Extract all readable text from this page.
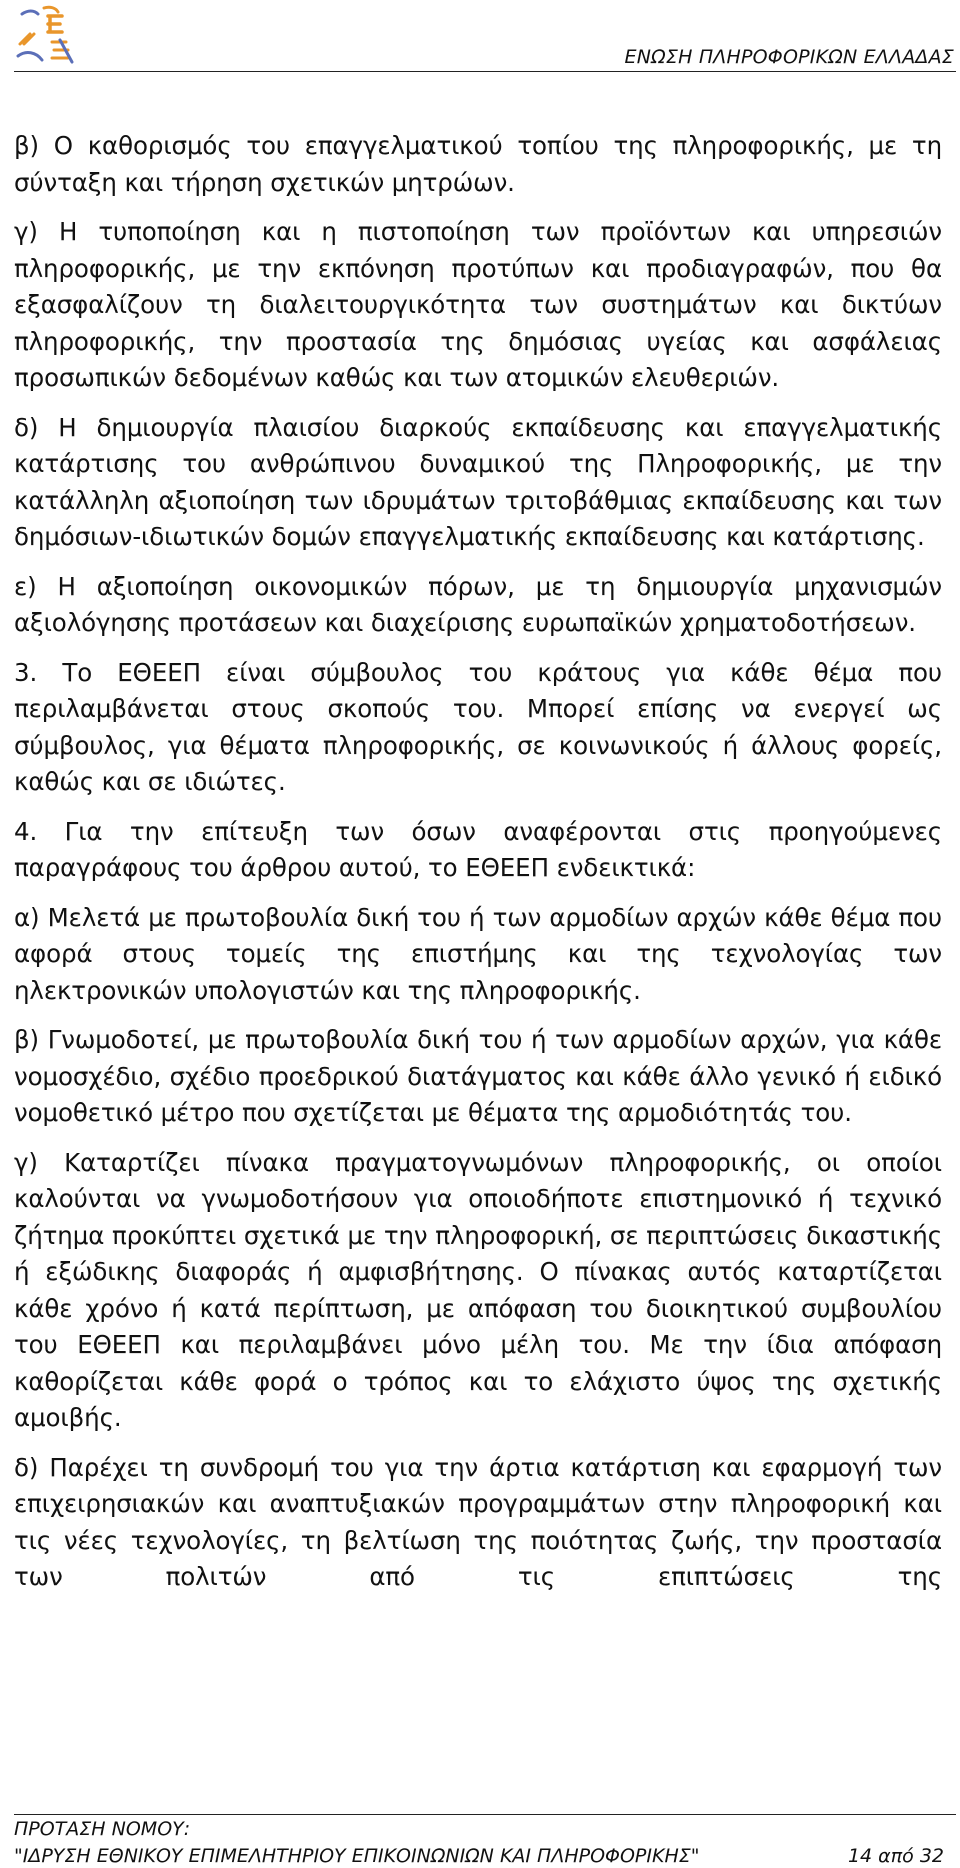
ΕΝΩΣΗ ΠΛΗΡΟΦΟΡΙΚΩΝ ΕΛΛΑΔΑΣ

β) Ο καθορισμός του επαγγελματικού τοπίου της πληροφορικής, με τη σύνταξη και τήρηση σχετικών μητρώων.

γ) Η τυποποίηση και η πιστοποίηση των προϊόντων και υπηρεσιών πληροφορικής, με την εκπόνηση προτύπων και προδιαγραφών, που θα εξασφαλίζουν τη διαλειτουργικότητα των συστημάτων και δικτύων πληροφορικής, την προστασία της δημόσιας υγείας και ασφάλειας προσωπικών δεδομένων καθώς και των ατομικών ελευθεριών.

δ) Η δημιουργία πλαισίου διαρκούς εκπαίδευσης και επαγγελματικής κατάρτισης του ανθρώπινου δυναμικού της Πληροφορικής, με την κατάλληλη αξιοποίηση των ιδρυμάτων τριτοβάθμιας εκπαίδευσης και των δημόσιων-ιδιωτικών δομών επαγγελματικής εκπαίδευσης και κατάρτισης.

ε) Η αξιοποίηση οικονομικών πόρων, με τη δημιουργία μηχανισμών αξιολόγησης προτάσεων και διαχείρισης ευρωπαϊκών χρηματοδοτήσεων.

3. Το ΕΘΕΕΠ είναι σύμβουλος του κράτους για κάθε θέμα που περιλαμβάνεται στους σκοπούς του. Μπορεί επίσης να ενεργεί ως σύμβουλος, για θέματα πληροφορικής, σε κοινωνικούς ή άλλους φορείς, καθώς και σε ιδιώτες.

4. Για την επίτευξη των όσων αναφέρονται στις προηγούμενες παραγράφους του άρθρου αυτού, το ΕΘΕΕΠ ενδεικτικά:

α) Μελετά με πρωτοβουλία δική του ή των αρμοδίων αρχών κάθε θέμα που αφορά στους τομείς της επιστήμης και της τεχνολογίας των ηλεκτρονικών υπολογιστών και της πληροφορικής.

β) Γνωμοδοτεί, με πρωτοβουλία δική του ή των αρμοδίων αρχών, για κάθε νομοσχέδιο, σχέδιο προεδρικού διατάγματος και κάθε άλλο γενικό ή ειδικό νομοθετικό μέτρο που σχετίζεται με θέματα της αρμοδιότητάς του.

γ) Καταρτίζει πίνακα πραγματογνωμόνων πληροφορικής, οι οποίοι καλούνται να γνωμοδοτήσουν για οποιοδήποτε επιστημονικό ή τεχνικό ζήτημα προκύπτει σχετικά με την πληροφορική, σε περιπτώσεις δικαστικής ή εξώδικης διαφοράς ή αμφισβήτησης. Ο πίνακας αυτός καταρτίζεται κάθε χρόνο ή κατά περίπτωση, με απόφαση του διοικητικού συμβουλίου του ΕΘΕΕΠ και περιλαμβάνει μόνο μέλη του. Με την ίδια απόφαση καθορίζεται κάθε φορά ο τρόπος και το ελάχιστο ύψος της σχετικής αμοιβής.

δ) Παρέχει τη συνδρομή του για την άρτια κατάρτιση και εφαρμογή των επιχειρησιακών και αναπτυξιακών προγραμμάτων στην πληροφορική και τις νέες τεχνολογίες, τη βελτίωση της ποιότητας ζωής, την προστασία των πολιτών από τις επιπτώσεις της

ΠΡΟΤΑΣΗ ΝΟΜΟΥ:
"ΙΔΡΥΣΗ ΕΘΝΙΚΟΥ ΕΠΙΜΕΛΗΤΗΡΙΟΥ ΕΠΙΚΟΙΝΩΝΙΩΝ ΚΑΙ ΠΛΗΡΟΦΟΡΙΚΗΣ"	14 από 32
